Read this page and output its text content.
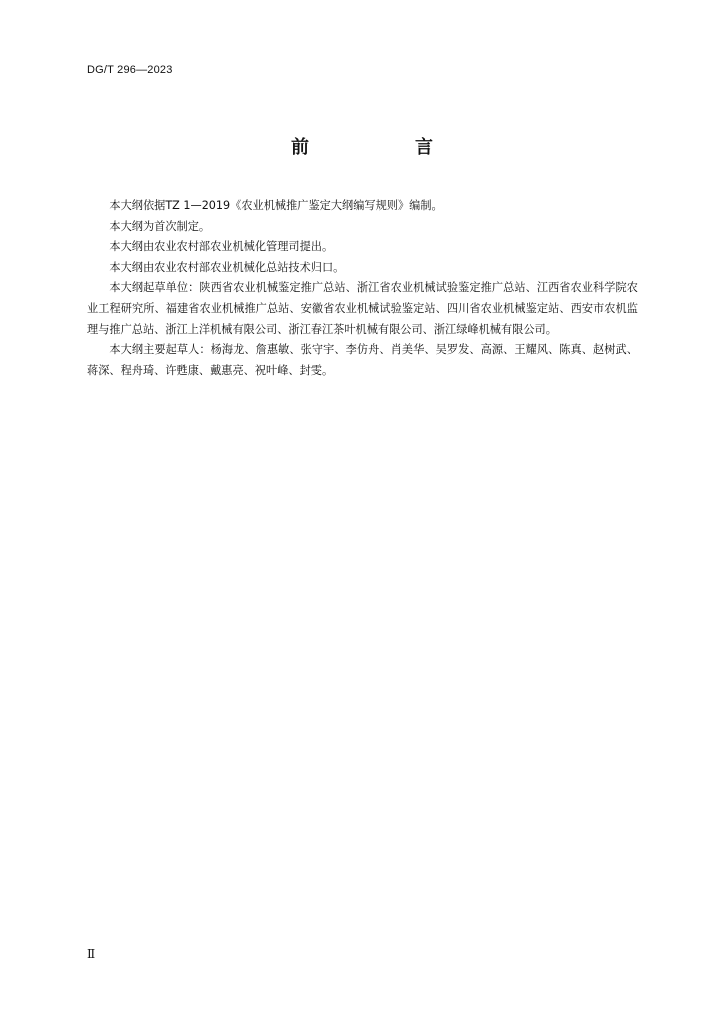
DG/T 296—2023
前　言

本大纲依据TZ 1—2019《农业机械推广鉴定大纲编写规则》编制。

本大纲为首次制定。

本大纲由农业农村部农业机械化管理司提出。

本大纲由农业农村部农业机械化总站技术归口。

本大纲起草单位：陕西省农业机械鉴定推广总站、浙江省农业机械试验鉴定推广总站、江西省农业科学院农业工程研究所、福建省农业机械推广总站、安徽省农业机械试验鉴定站、四川省农业机械鉴定站、西安市农机监理与推广总站、浙江上洋机械有限公司、浙江春江茶叶机械有限公司、浙江绿峰机械有限公司。

本大纲主要起草人：杨海龙、詹惠敏、张守宇、李仿舟、肖美华、吴罗发、高源、王耀风、陈真、赵树武、蒋深、程舟琦、许甦康、戴惠亮、祝叶峰、封雯。

Ⅱ
